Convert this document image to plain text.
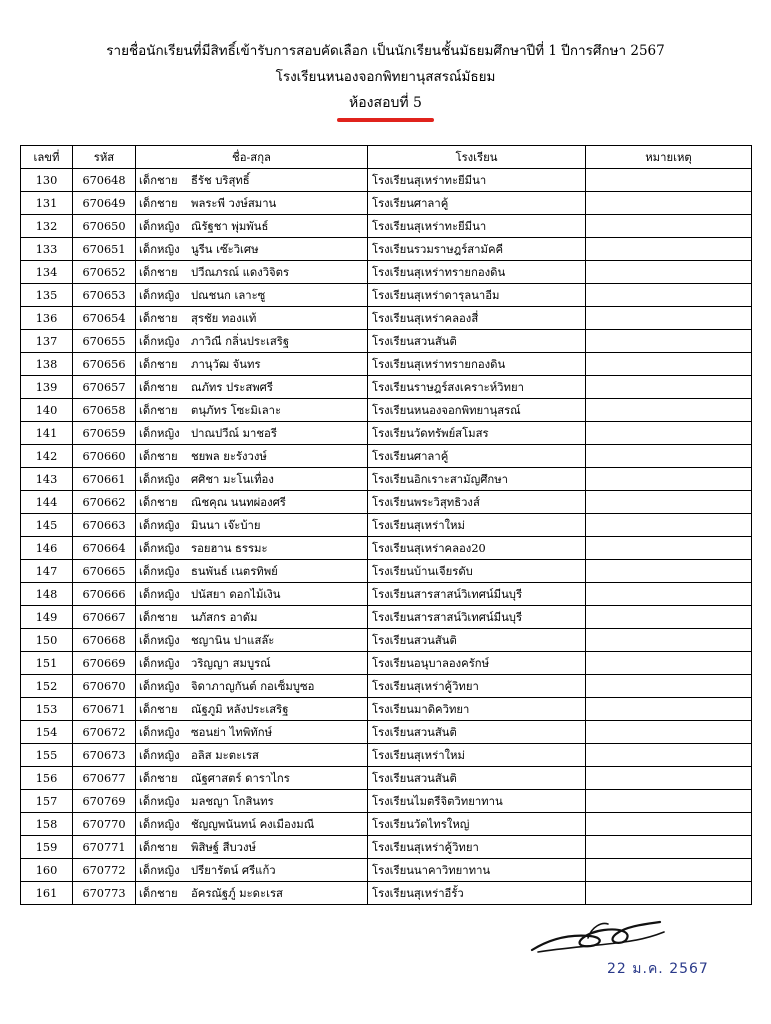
รายชื่อนักเรียนที่มีสิทธิ์เข้ารับการสอบคัดเลือก เป็นนักเรียนชั้นมัธยมศึกษาปีที่ 1 ปีการศึกษา 2567
โรงเรียนหนองจอกพิทยานุสสรณ์มัธยม
ห้องสอบที่ 5
เลขที่	รหัส	ชื่อ-สกุล	โรงเรียน	หมายเหตุ
130	670648	เด็กชาย ธีรัช บริสุทธิ์	โรงเรียนสุเหร่าทะยีมีนา	
131	670649	เด็กชาย พลระพี วงษ์สมาน	โรงเรียนศาลาคู้	
132	670650	เด็กหญิง ณิรัฐชา พุ่มพันธ์	โรงเรียนสุเหร่าทะยีมีนา	
133	670651	เด็กหญิง นูรีน เซ๊ะวิเศษ	โรงเรียนรวมราษฎร์สามัคคี	
134	670652	เด็กชาย ปวีณภรณ์ แดงวิจิตร	โรงเรียนสุเหร่าทรายกองดิน	
135	670653	เด็กหญิง ปณชนก เลาะซู	โรงเรียนสุเหร่าดารุลนาอีม	
136	670654	เด็กชาย สุรชัย ทองแท้	โรงเรียนสุเหร่าคลองสี่	
137	670655	เด็กหญิง ภาวิณี กลิ่นประเสริฐ	โรงเรียนสวนสันติ	
138	670656	เด็กชาย ภานุวัฒ จันทร	โรงเรียนสุเหร่าทรายกองดิน	
139	670657	เด็กชาย ณภัทร ประสพศรี	โรงเรียนราษฎร์สงเคราะห์วิทยา	
140	670658	เด็กชาย ตนุภัทร โซะมิเลาะ	โรงเรียนหนองจอกพิทยานุสรณ์	
141	670659	เด็กหญิง ปาณปวีณ์ มาชอรี	โรงเรียนวัดทรัพย์สโมสร	
142	670660	เด็กชาย ชยพล ยะรังวงษ์	โรงเรียนศาลาคู้	
143	670661	เด็กหญิง ศศิชา มะโนเทื่อง	โรงเรียนอิกเราะสามัญศึกษา	
144	670662	เด็กชาย ณิชคุณ นนทผ่องศรี	โรงเรียนพระวิสุทธิวงส์	
145	670663	เด็กหญิง มินนา เจ๊ะบ้าย	โรงเรียนสุเหร่าใหม่	
146	670664	เด็กหญิง รอยฮาน ธรรมะ	โรงเรียนสุเหร่าคลอง20	
147	670665	เด็กหญิง ธนพันธ์ เนตรทิพย์	โรงเรียนบ้านเจียรดับ	
148	670666	เด็กหญิง ปนัสยา ดอกไม้เงิน	โรงเรียนสารสาสน์วิเทศน์มีนบุรี	
149	670667	เด็กชาย นภัสกร อาดัม	โรงเรียนสารสาสน์วิเทศน์มีนบุรี	
150	670668	เด็กหญิง ชญานิน ปาแสล๊ะ	โรงเรียนสวนสันติ	
151	670669	เด็กหญิง วริญญา สมบูรณ์	โรงเรียนอนุบาลองครักษ์	
152	670670	เด็กหญิง จิดาภาญกันต์ กอเซ็มบูซอ	โรงเรียนสุเหร่าคู้วิทยา	
153	670671	เด็กชาย ณัฐภูมิ หลังประเสริฐ	โรงเรียนมาดิควิทยา	
154	670672	เด็กหญิง ซอนย่า ไทพิทักษ์	โรงเรียนสวนสันติ	
155	670673	เด็กหญิง อลิส มะตะเรส	โรงเรียนสุเหร่าใหม่	
156	670677	เด็กชาย ณัฐศาสตร์ ดาราไกร	โรงเรียนสวนสันติ	
157	670769	เด็กหญิง มลชญา โกสินทร	โรงเรียนไมตรีจิตวิทยาทาน	
158	670770	เด็กหญิง ชัญญพนันทน์ คงเมืองมณี	โรงเรียนวัดไทรใหญ่	
159	670771	เด็กชาย พิสิษฐ์ สีบวงษ์	โรงเรียนสุเหร่าคู้วิทยา	
160	670772	เด็กหญิง ปรียารัตน์ ศรีแก้ว	โรงเรียนนาคาวิทยาทาน	
161	670773	เด็กชาย อัครณัฐภู์ มะดะเรส	โรงเรียนสุเหร่าอีรั้ว	
22 ม.ค. 2567
